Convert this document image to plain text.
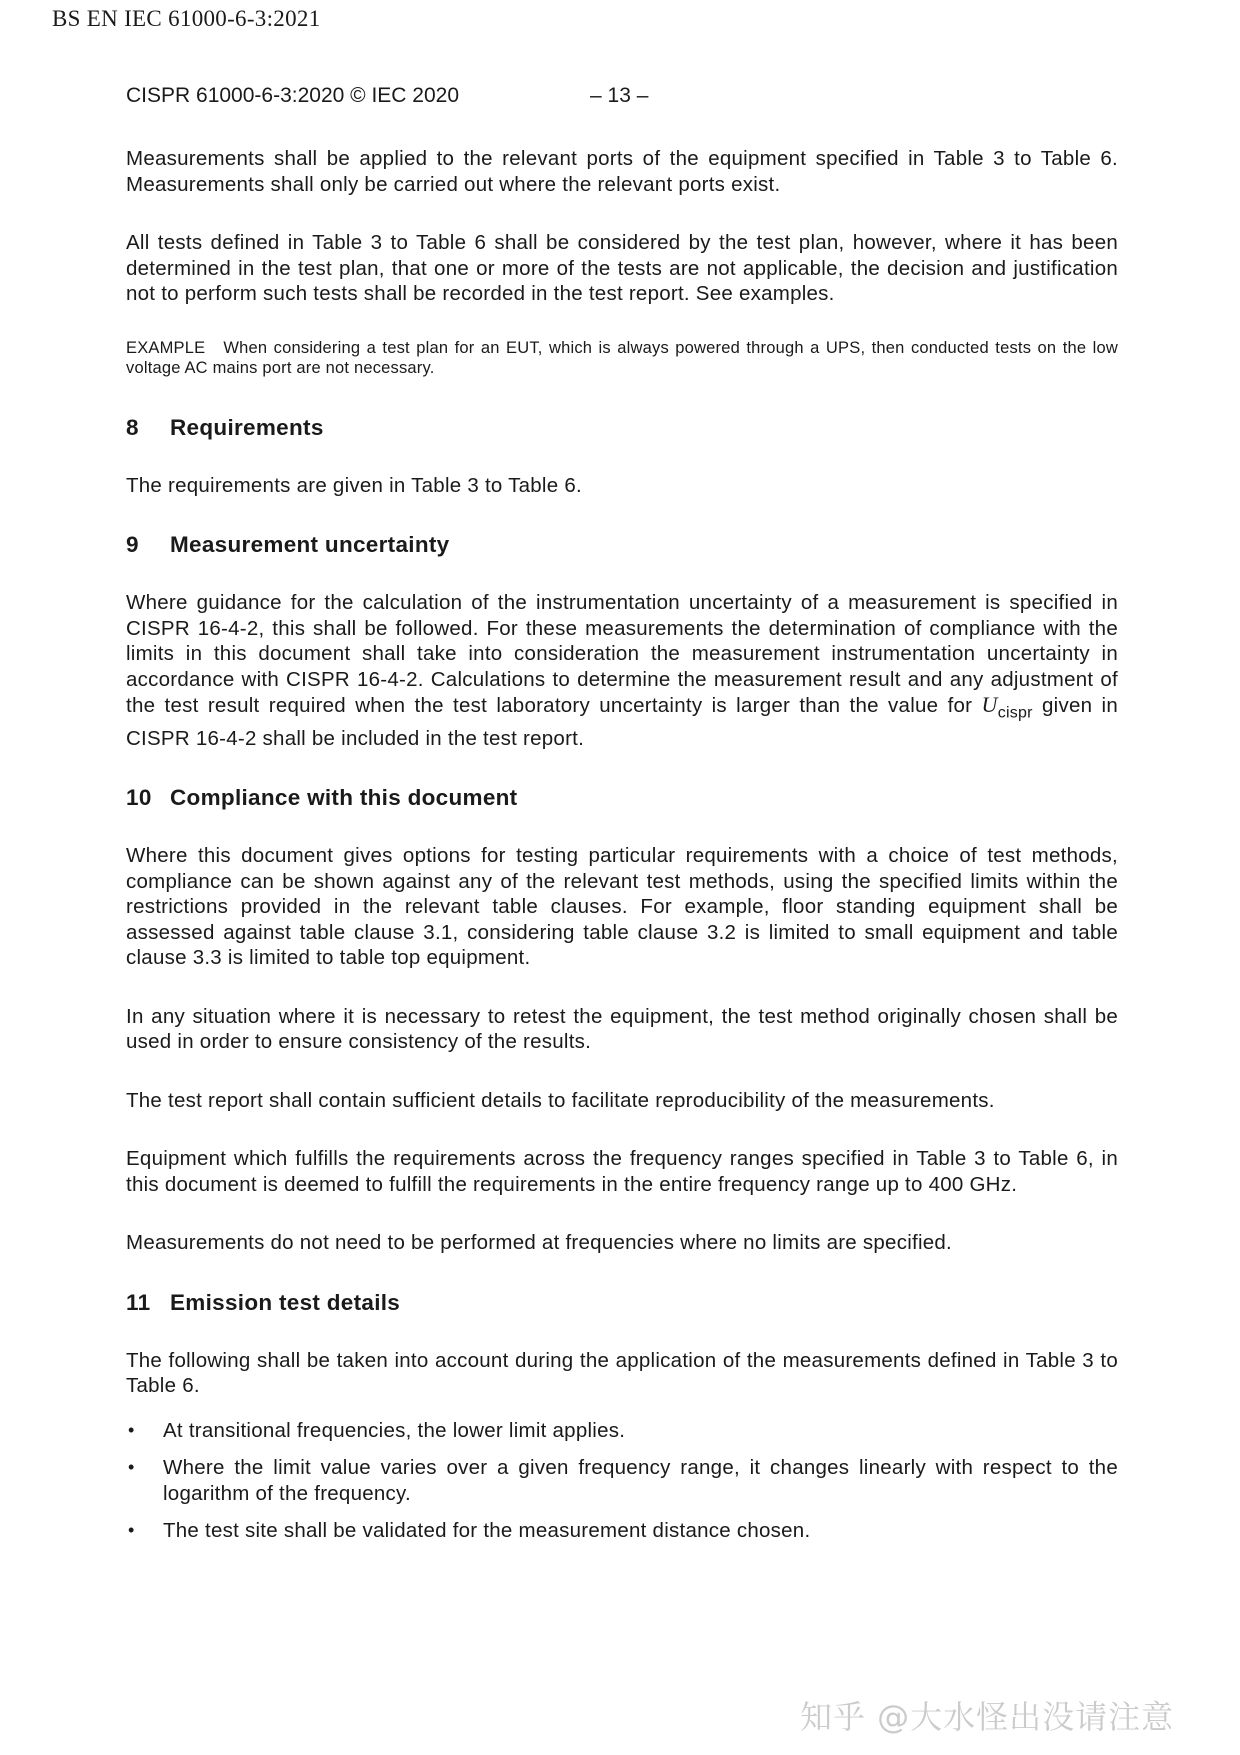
BS EN IEC 61000-6-3:2021
CISPR 61000-6-3:2020 © IEC 2020	– 13 –

Measurements shall be applied to the relevant ports of the equipment specified in Table 3 to Table 6. Measurements shall only be carried out where the relevant ports exist.

All tests defined in Table 3 to Table 6 shall be considered by the test plan, however, where it has been determined in the test plan, that one or more of the tests are not applicable, the decision and justification not to perform such tests shall be recorded in the test report. See examples.

EXAMPLE When considering a test plan for an EUT, which is always powered through a UPS, then conducted tests on the low voltage AC mains port are not necessary.

8 Requirements

The requirements are given in Table 3 to Table 6.

9 Measurement uncertainty

Where guidance for the calculation of the instrumentation uncertainty of a measurement is specified in CISPR 16-4-2, this shall be followed. For these measurements the determination of compliance with the limits in this document shall take into consideration the measurement instrumentation uncertainty in accordance with CISPR 16-4-2. Calculations to determine the measurement result and any adjustment of the test result required when the test laboratory uncertainty is larger than the value for $U_{cispr}$ given in CISPR 16-4-2 shall be included in the test report.

10 Compliance with this document

Where this document gives options for testing particular requirements with a choice of test methods, compliance can be shown against any of the relevant test methods, using the specified limits within the restrictions provided in the relevant table clauses. For example, floor standing equipment shall be assessed against table clause 3.1, considering table clause 3.2 is limited to small equipment and table clause 3.3 is limited to table top equipment.

In any situation where it is necessary to retest the equipment, the test method originally chosen shall be used in order to ensure consistency of the results.

The test report shall contain sufficient details to facilitate reproducibility of the measurements.

Equipment which fulfills the requirements across the frequency ranges specified in Table 3 to Table 6, in this document is deemed to fulfill the requirements in the entire frequency range up to 400 GHz.

Measurements do not need to be performed at frequencies where no limits are specified.

11 Emission test details

The following shall be taken into account during the application of the measurements defined in Table 3 to Table 6.

• At transitional frequencies, the lower limit applies.
• Where the limit value varies over a given frequency range, it changes linearly with respect to the logarithm of the frequency.
• The test site shall be validated for the measurement distance chosen.
知乎 @大水怪出没请注意
